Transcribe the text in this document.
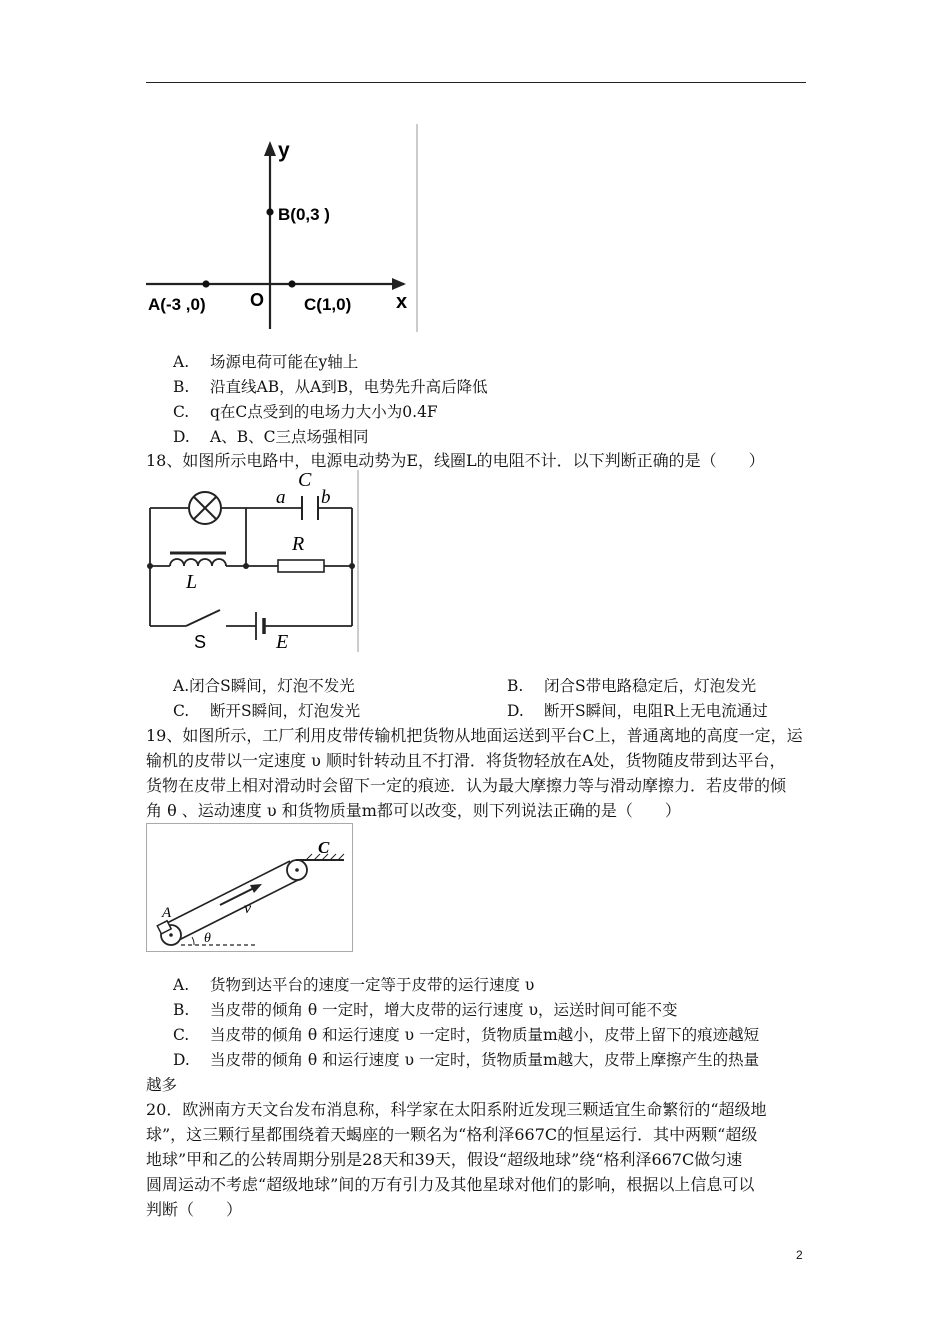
y
x
O
B(0,3 )
A(-3 ,0)	C(1,0)
A. 场源电荷可能在y轴上
B. 沿直线AB，从A到B，电势先升高后降低
C. q在C点受到的电场力大小为0.4F
D. A、B、C三点场强相同
18、如图所示电路中，电源电动势为E，线圈L的电阻不计．以下判断正确的是（　　）
C
a b
L
R
S	E
A.闭合S瞬间，灯泡不发光	B. 闭合S带电路稳定后，灯泡发光
C. 断开S瞬间，灯泡发光	D. 断开S瞬间，电阻R上无电流通过
19、如图所示，工厂利用皮带传输机把货物从地面运送到平台C上，普通离地的高度一定，运
输机的皮带以一定速度 υ 顺时针转动且不打滑．将货物轻放在A处，货物随皮带到达平台，
货物在皮带上相对滑动时会留下一定的痕迹．认为最大摩擦力等与滑动摩擦力．若皮带的倾
角 θ 、运动速度 υ 和货物质量m都可以改变，则下列说法正确的是（　　）
A
C
v
θ
A. 货物到达平台的速度一定等于皮带的运行速度 υ
B. 当皮带的倾角 θ 一定时，增大皮带的运行速度 υ，运送时间可能不变
C. 当皮带的倾角 θ 和运行速度 υ 一定时，货物质量m越小，皮带上留下的痕迹越短
D. 当皮带的倾角 θ 和运行速度 υ 一定时，货物质量m越大，皮带上摩擦产生的热量
越多
20．欧洲南方天文台发布消息称，科学家在太阳系附近发现三颗适宜生命繁衍的“超级地
球”，这三颗行星都围绕着天蝎座的一颗名为“格利泽667C的恒星运行．其中两颗“超级
地球”甲和乙的公转周期分别是28天和39天，假设“超级地球”绕“格利泽667C做匀速
圆周运动不考虑“超级地球”间的万有引力及其他星球对他们的影响，根据以上信息可以
判断（　　）
2
